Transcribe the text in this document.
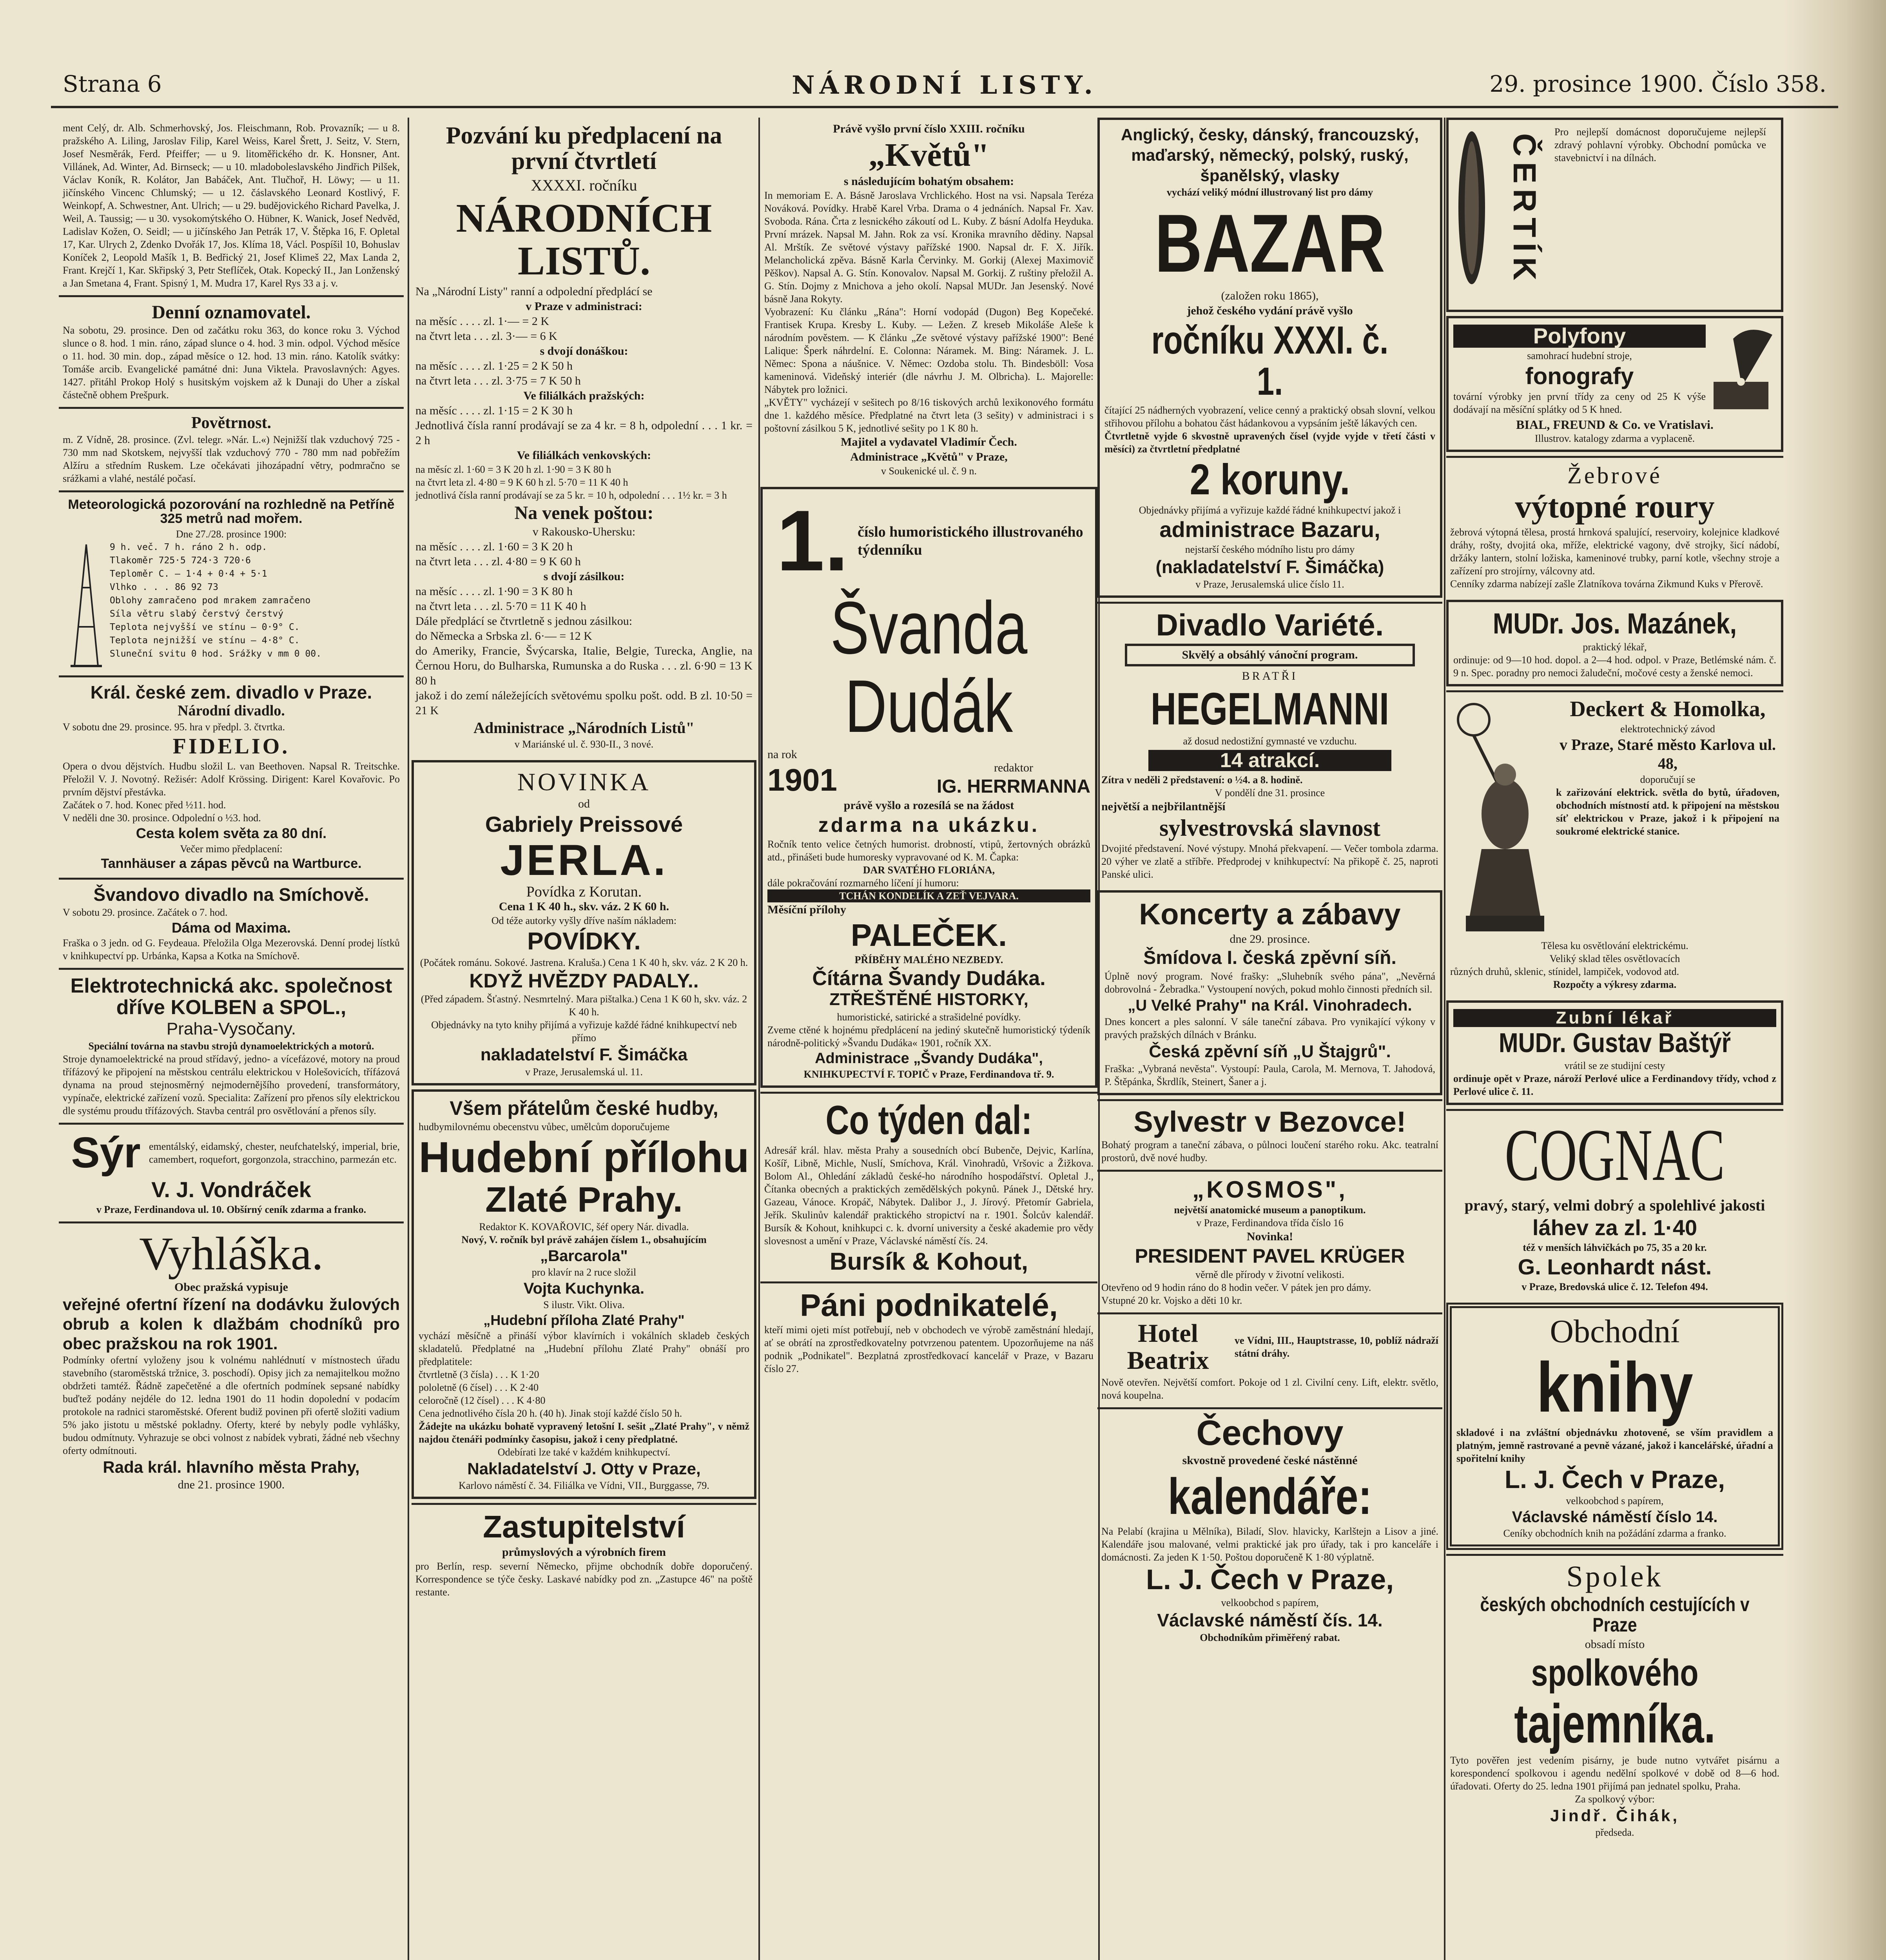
Strana 6	NÁRODNÍ LISTY.	29. prosince 1900. Číslo 358.

ment Celý, dr. Alb. Schmerhovský, Jos. Fleischmann, Rob. Provazník; — u 8. pražského A. Liling, Jaroslav Filip, Karel Weiss, Karel Šrett, J. Seitz, V. Stern, Josef Nesměrák, Ferd. Pfeiffer; — u 9. litoměřického dr. K. Honsner, Ant. Villánek, Ad. Winter, Ad. Birnseck; — u 10. mladoboleslavského Jindřich Pilšek, Václav Koník, R. Kolátor, Jan Babáček, Ant. Tlučhoř, H. Löwy; — u 11. jičínského Vincenc Chlumský; — u 12. čáslavského Leonard Kostlivý, F. Weinkopf, A. Schwestner, Ant. Ulrich; — u 29. budějovického Richard Pavelka, J. Weil, A. Taussig; — u 30. vysokomýtského O. Hübner, K. Wanick, Josef Nedvěd, Ladislav Kožen, O. Seidl; — u jičínského Jan Petrák 17, V. Štěpka 16, F. Opletal 17, Kar. Ulrych 2, Zdenko Dvořák 17, Jos. Klíma 18, Václ. Pospíšil 10, Bohuslav Koníček 2, Leopold Mašík 1, B. Bedřický 21, Josef Klimeš 22, Max Landa 2, Frant. Krejčí 1, Kar. Skřipský 3, Petr Steflíček, Otak. Kopecký II., Jan Lonženský a Jan Smetana 4, Frant. Spisný 1, M. Mudra 17, Karel Rys 33 a j. v.

Denní oznamovatel.

Na sobotu, 29. prosince. Den od začátku roku 363, do konce roku 3. Východ slunce o 8. hod. 1 min. ráno, západ slunce o 4. hod. 3 min. odpol. Východ měsíce o 11. hod. 30 min. dop., západ měsíce o 12. hod. 13 min. ráno. Katolík svátky: Tomáše arcib. Evangelické památné dni: Juna Viktela. Pravoslavných: Agyes. 1427. přitáhl Prokop Holý s husitským vojskem až k Dunaji do Uher a získal částečně obhem Prešpurk.

Povětrnost.

m. Z Vídně, 28. prosince. (Zvl. telegr. »Nár. L.«) Nejnižší tlak vzduchový 725 - 730 mm nad Skotskem, nejvyšší tlak vzduchový 770 - 780 mm nad pobřežím Alžíru a středním Ruskem. Lze očekávati jihozápadní větry, podmračno se srážkami a vlahé, nestálé počasí.

Meteorologická pozorování na rozhledně na Petříně 325 metrů nad mořem.

Dne 27./28. prosince 1900:

9 h. več. 7 h. ráno 2 h. odp.

Tlakoměr 725·5 724·3 720·6

Teploměr C. — 1·4 + 0·4 + 5·1

Vlhko . . . 86 92 73

Oblohy zamračeno pod mrakem zamračeno

Síla větru slabý čerstvý čerstvý

Teplota nejvyšší ve stínu — 0·9° C.

Teplota nejnižší ve stínu — 4·8° C.

Sluneční svitu 0 hod. Srážky v mm 0 00.

Král. české zem. divadlo v Praze.
Národní divadlo.

V sobotu dne 29. prosince. 95. hra v předpl. 3. čtvrtka.

FIDELIO.

Opera o dvou dějstvích. Hudbu složil L. van Beethoven. Napsal R. Treitschke. Přeložil V. J. Novotný. Režisér: Adolf Krössing. Dirigent: Karel Kovařovic. Po prvním dějství přestávka.

Začátek o 7. hod. Konec před ½11. hod.

V neděli dne 30. prosince. Odpolední o ½3. hod.

Cesta kolem světa za 80 dní.

Večer mimo předplacení:

Tannhäuser a zápas pěvců na Wartburce.
Švandovo divadlo na Smíchově.

V sobotu 29. prosince. Začátek o 7. hod.

Dáma od Maxima.

Fraška o 3 jedn. od G. Feydeaua. Přeložila Olga Mezerovská. Denní prodej lístků v knihkupectví pp. Urbánka, Kapsa a Kotka na Smíchově.

Elektrotechnická akc. společnost dříve KOLBEN a SPOL.,
Praha-Vysočany.

Speciální továrna na stavbu strojů dynamoelektrických a motorů.

Stroje dynamoelektrické na proud střídavý, jedno- a vícefázové, motory na proud třífázový ke připojení na městskou centrálu elektrickou v Holešovicích, třífázová dynama na proud stejnosměrný nejmodernějšího provedení, transformátory, vypínače, elektrické zařízení vozů. Specialita: Zařízení pro přenos síly elektrickou dle systému proudu třífázových. Stavba centrál pro osvětlování a přenos síly.

Sýr ementálský, eidamský, chester, neufchatelský, imperial, brie, camembert, roquefort, gorgonzola, stracchino, parmezán etc.

V. J. Vondráček

v Praze, Ferdinandova ul. 10. Obšírný ceník zdarma a franko.

Vyhláška.

Obec pražská vypisuje

veřejné ofertní řízení na dodávku žulových obrub a kolen k dlažbám chodníků pro obec pražskou na rok 1901.

Podmínky ofertní vyloženy jsou k volnému nahlédnutí v místnostech úřadu stavebního (staroměstská tržnice, 3. poschodí). Opisy jich za nemajitelkou možno obdržeti tamtéž. Řádně zapečetěné a dle ofertních podmínek sepsané nabídky buďtež podány nejdéle do 12. ledna 1901 do 11 hodin dopolední v podacím protokole na radnici staroměstské. Oferent budiž povinen při ofertě složiti vadium 5% jako jistotu u městské pokladny. Oferty, které by nebyly podle vyhlášky, budou odmítnuty. Vyhrazuje se obci volnost z nabídek vybrati, žádné neb všechny oferty odmítnouti.

Rada král. hlavního města Prahy,

dne 21. prosince 1900.

Pozvání ku předplacení na první čtvrtletí

XXXXI. ročníku

NÁRODNÍCH LISTŮ.

Na „Národní Listy" ranní a odpolední předplácí se

v Praze v administraci:

na měsíc . . . . zl. 1·— = 2 K

na čtvrt leta . . . zl. 3·— = 6 K

s dvojí donáškou:

na měsíc . . . . zl. 1·25 = 2 K 50 h

na čtvrt leta . . . zl. 3·75 = 7 K 50 h

Ve filiálkách pražských:

na měsíc . . . . zl. 1·15 = 2 K 30 h

Jednotlivá čísla ranní prodávají se za 4 kr. = 8 h, odpolední . . . 1 kr. = 2 h

Ve filiálkách venkovských:

na měsíc zl. 1·60 = 3 K 20 h zl. 1·90 = 3 K 80 h

na čtvrt leta zl. 4·80 = 9 K 60 h zl. 5·70 = 11 K 40 h

jednotlivá čísla ranní prodávají se za 5 kr. = 10 h, odpolední . . . 1½ kr. = 3 h

Na venek poštou:

v Rakousko-Uhersku:

na měsíc . . . . zl. 1·60 = 3 K 20 h

na čtvrt leta . . . zl. 4·80 = 9 K 60 h

s dvojí zásilkou:

na měsíc . . . . zl. 1·90 = 3 K 80 h

na čtvrt leta . . . zl. 5·70 = 11 K 40 h

Dále předplácí se čtvrtletně s jednou zásilkou:

do Německa a Srbska zl. 6·— = 12 K

do Ameriky, Francie, Švýcarska, Italie, Belgie, Turecka, Anglie, na Černou Horu, do Bulharska, Rumunska a do Ruska . . . zl. 6·90 = 13 K 80 h

jakož i do zemí náležejících světovému spolku pošt. odd. B zl. 10·50 = 21 K

Administrace „Národních Listů"

v Mariánské ul. č. 930-II., 3 nové.

NOVINKA

od

Gabriely Preissové
JERLA.

Povídka z Korutan.

Cena 1 K 40 h., skv. váz. 2 K 60 h.

Od téže autorky vyšly dříve naším nákladem:

POVÍDKY.

(Počátek románu. Sokové. Jastrena. Kraluša.) Cena 1 K 40 h, skv. váz. 2 K 20 h.

KDYŽ HVĚZDY PADALY..

(Před západem. Šťastný. Nesmrtelný. Mara pištalka.) Cena 1 K 60 h, skv. váz. 2 K 40 h.

Objednávky na tyto knihy přijímá a vyřizuje každé řádné knihkupectví neb přímo

nakladatelství F. Šimáčka

v Praze, Jerusalemská ul. 11.

Všem přátelům české hudby,

hudbymilovnému obecenstvu vůbec, umělcům doporučujeme

Hudební přílohu
Zlaté Prahy.

Redaktor K. KOVAŘOVIC, šéf opery Nár. divadla.

Nový, V. ročník byl právě zahájen číslem 1., obsahujícím

„Barcarola"

pro klavír na 2 ruce složil

Vojta Kuchynka.

S ilustr. Vikt. Oliva.

„Hudební příloha Zlaté Prahy"

vychází měsíčně a přináší výbor klavírních i vokálních skladeb českých skladatelů. Předplatné na „Hudební přílohu Zlaté Prahy" obnáší pro předplatitele:

čtvrtletně (3 čísla) . . . K 1·20

pololetně (6 čísel) . . . K 2·40

celoročně (12 čísel) . . . K 4·80

Cena jednotlivého čísla 20 h. (40 h). Jinak stojí každé číslo 50 h.

Žádejte na ukázku bohatě vypravený letošní I. sešit „Zlaté Prahy", v němž najdou čtenáři podmínky časopisu, jakož i ceny předplatné.

Odebírati lze také v každém knihkupectví.

Nakladatelství J. Otty v Praze,

Karlovo náměstí č. 34. Filiálka ve Vídni, VII., Burggasse, 79.

Zastupitelství

průmyslových a výrobních firem

pro Berlín, resp. severní Německo, přijme obchodník dobře doporučený. Korrespondence se týče česky. Laskavé nabídky pod zn. „Zastupce 46" na poště restante.

Právě vyšlo první číslo XXIII. ročníku

„Květů"

s následujícím bohatým obsahem:

In memoriam E. A. Básně Jaroslava Vrchlického. Host na vsi. Napsala Teréza Nováková. Povídky. Hrabě Karel Vrba. Drama o 4 jednáních. Napsal Fr. Xav. Svoboda. Rána. Črta z lesnického zákoutí od L. Kuby. Z básní Adolfa Heyduka. První mrázek. Napsal M. Jahn. Rok za vsí. Kronika mravního dědiny. Napsal Al. Mrštík. Ze světové výstavy pařížské 1900. Napsal dr. F. X. Jiřík. Melancholická zpěva. Básně Karla Červinky. M. Gorkij (Alexej Maximovič Pěškov). Napsal A. G. Stín. Konovalov. Napsal M. Gorkij. Z ruštiny přeložil A. G. Stín. Dojmy z Mnichova a jeho okolí. Napsal MUDr. Jan Jesenský. Nové básně Jana Rokyty.

Vyobrazení: Ku článku „Rána": Horní vodopád (Dugon) Beg Kopečeké. Frantisek Krupa. Kresby L. Kuby. — Ležen. Z kreseb Mikoláše Aleše k národním pověstem. — K článku „Ze světové výstavy pařížské 1900": Bené Lalique: Šperk náhrdelní. E. Colonna: Náramek. M. Bing: Náramek. J. L. Němec: Spona a náušnice. V. Němec: Ozdoba stolu. Th. Bindesböll: Vosa kameninová. Videňský interiér (dle návrhu J. M. Olbricha). L. Majorelle: Nábytek pro ložnici.

„KVĚTY" vycházejí v sešitech po 8/16 tiskových archů lexikonového formátu dne 1. každého měsíce. Předplatné na čtvrt leta (3 sešity) v administraci i s poštovní zásilkou 5 K, jednotlivé sešity po 1 K 80 h.

Majitel a vydavatel Vladimír Čech.

Administrace „Květů" v Praze,

v Soukenické ul. č. 9 n.

1. číslo humoristického illustrovaného týdenníku

Švanda Dudák

na rok

1901	redaktor

IG. HERRMANNA

právě vyšlo a rozesílá se na žádost

zdarma na ukázku.

Ročník tento velice četných humorist. drobností, vtipů, žertovných obrázků atd., přinášeti bude humoresky vypravované od K. M. Čapka:

DAR SVATÉHO FLORIÁNA,

dále pokračování rozmarného líčení jí humoru:

TCHÁN KONDELÍK A ZEŤ VEJVARA.

Měsíční přílohy

PALEČEK.

PŘÍBĚHY MALÉHO NEZBEDY.

Čítárna Švandy Dudáka.
ZTŘEŠTĚNÉ HISTORKY,

humoristické, satirické a strašidelné povídky.

Zveme ctěné k hojnému předplácení na jediný skutečně humoristický týdeník národně-politický »Švandu Dudáka« 1901, ročník XX.

Administrace „Švandy Dudáka",

KNIHKUPECTVÍ F. TOPIČ v Praze, Ferdinandova tř. 9.

Co týden dal:

Adresář král. hlav. města Prahy a sousedních obcí Bubenče, Dejvic, Karlína, Košíř, Libně, Michle, Nuslí, Smíchova, Král. Vinohradů, Vršovic a Žižkova. Bolom Al., Ohledání základů české-ho národního hospodářství. Opletal J., Čítanka obecných a praktických zemědělských pokynů. Pánek J., Dětské hry. Gazeau, Vánoce. Kropáč, Nábytek. Dalibor J., J. Jírový. Přetomír Gabriela, Jeřík. Skulinův kalendář praktického stropictví na r. 1901. Šolcův kalendář. Bursík & Kohout, knihkupci c. k. dvorní university a české akademie pro vědy slovesnost a umění v Praze, Václavské náměstí čís. 24.

Bursík & Kohout,
Páni podnikatelé,

kteří mimi ojeti míst potřebují, neb v obchodech ve výrobě zaměstnání hledají, ať se obrátí na zprostředkovatelny potvrzenou patentem. Upozorňujeme na náš podnik „Podnikatel". Bezplatná zprostředkovací kancelář v Praze, v Bazaru číslo 27.

Anglický, česky, dánský, francouzský, maďarský, německý, polský, ruský, španělský, vlasky

vychází veliký módní illustrovaný list pro dámy

BAZAR

(založen roku 1865),

jehož českého vydání právě vyšlo

ročníku XXXI. č. 1.

čítající 25 nádherných vyobrazení, velice cenný a praktický obsah slovní, velkou střihovou přílohu a bohatou část hádankovou a vypsáním ještě lákavých cen.

Čtvrtletně vyjde 6 skvostně upravených čísel (vyjde vyjde v třetí části v měsíci) za čtvrtletní předplatné

2 koruny.

Objednávky přijímá a vyřizuje každé řádné knihkupectví jakož i

administrace Bazaru,

nejstarší českého módního listu pro dámy

(nakladatelství F. Šimáčka)

v Praze, Jerusalemská ulice číslo 11.

Divadlo Variété.

Skvělý a obsáhlý vánoční program.

BRATŘI

HEGELMANNI

až dosud nedostižní gymnasté ve vzduchu.

14 atrakcí.

Zítra v neděli 2 představení: o ½4. a 8. hodině.

V pondělí dne 31. prosince

největší a nejbřilantnější

sylvestrovská slavnost

Dvojité představení. Nové výstupy. Mnohá překvapení. — Večer tombola zdarma. 20 výher ve zlatě a stříbře. Předprodej v knihkupectví: Na přikopě č. 25, naproti Panské ulici.

Koncerty a zábavy

dne 29. prosince.

Šmídova I. česká zpěvní síň.

Úplně nový program. Nové frašky: „Sluhebník svého pána", „Nevěrná dobrovolná - Žebradka." Vystoupení nových, pokud mohlo činnosti předních sil.

„U Velké Prahy" na Král. Vinohradech.

Dnes koncert a ples salonní. V sále taneční zábava. Pro vynikající výkony v pravých pražských dílnách v Bránku.

Česká zpěvní síň „U Štajgrů".

Fraška: „Vybraná nevěsta". Vystoupí: Paula, Carola, M. Mernova, T. Jahodová, P. Štěpánka, Škrdlík, Steinert, Šaner a j.

Sylvestr v Bezovce!

Bohatý program a taneční zábava, o půlnoci loučení starého roku. Akc. teatralní prostorů, dvě nové hudby.

„KOSMOS",

největší anatomické museum a panoptikum.

v Praze, Ferdinandova třída číslo 16

Novinka!

PRESIDENT PAVEL KRÜGER

věrně dle přírody v životní velikosti.

Otevřeno od 9 hodin ráno do 8 hodin večer. V pátek jen pro dámy.

Vstupné 20 kr. Vojsko a děti 10 kr.

Hotel Beatrix

ve Vídni, III., Hauptstrasse, 10, poblíž nádraží státní dráhy.

Nově otevřen. Největší comfort. Pokoje od 1 zl. Civilní ceny. Lift, elektr. světlo, nová koupelna.

Čechovy

skvostně provedené české nástěnné

kalendáře:

Na Pelabí (krajina u Mělníka), Biladí, Slov. hlavicky, Karlštejn a Lisov a jiné. Kalendáře jsou malované, velmi praktické jak pro úřady, tak i pro kanceláře i domácnosti. Za jeden K 1·50. Poštou doporučeně K 1·80 výplatně.

L. J. Čech v Praze,

velkoobchod s papírem,

Václavské náměstí čís. 14.

Obchodníkům přiměřený rabat.

ČERTÍK

Pro nejlepší domácnost doporučujeme nejlepší zdravý pohlavní výrobky. Obchodní pomůcka ve stavebnictví i na dílnách.

Polyfony

samohrací hudební stroje,

fonografy

tovární výrobky jen první třídy za ceny od 25 K výše dodávají na měsíční splátky od 5 K hned.

BIAL, FREUND & Co. ve Vratislavi.

Illustrov. katalogy zdarma a vyplaceně.

Žebrové
výtopné roury

žebrová výtopná tělesa, prostá hrnková spalující, reservoiry, kolejnice kladkové dráhy, rošty, dvojitá oka, mříže, elektrické vagony, dvě strojky, šicí nádobí, držáky lantern, stolní ložiska, kameninové trubky, parní kotle, všechny stroje a zařízení pro strojírny, válcovny atd.

Cenníky zdarma nabízejí zašle Zlatníkova továrna Zikmund Kuks v Přerově.

MUDr. Jos. Mazánek,

praktický lékař,

ordinuje: od 9—10 hod. dopol. a 2—4 hod. odpol. v Praze, Betlémské nám. č. 9 n. Spec. poradny pro nemoci žaludeční, močové cesty a ženské nemoci.

Deckert & Homolka,

elektrotechnický závod

v Praze, Staré město Karlova ul. 48,

doporučují se

k zařizování elektrick. světla do bytů, úřadoven, obchodních místností atd. k připojení na městskou síť elektrickou v Praze, jakož i k připojení na soukromé elektrické stanice.

Tělesa ku osvětlování elektrickému.

Veliký sklad těles osvětlovacích

různých druhů, sklenic, stínidel, lampiček, vodovod atd.

Rozpočty a výkresy zdarma.

Zubní lékař
MUDr. Gustav Baštýř

vrátil se ze studijní cesty

ordinuje opět v Praze, nároží Perlové ulice a Ferdinandovy třídy, vchod z Perlové ulice č. 11.

COGNAC

pravý, starý, velmi dobrý a spolehlivé jakosti

láhev za zl. 1·40

též v menších láhvičkách po 75, 35 a 20 kr.

G. Leonhardt nást.

v Praze, Bredovská ulice č. 12. Telefon 494.

Obchodní
knihy

skladové i na zvláštní objednávku zhotovené, se vším pravidlem a platným, jemně rastrované a pevně vázané, jakož i kancelářské, úřadní a spořitelní knihy

L. J. Čech v Praze,

velkoobchod s papírem,

Václavské náměstí číslo 14.

Ceníky obchodních knih na požádání zdarma a franko.

Spolek
českých obchodních cestujících v Praze

obsadí místo

spolkového
tajemníka.

Tyto pověřen jest vedením pisárny, je bude nutno vytvářet pisárnu a korespondencí spolkovou i agendu nedělní spolkové v době od 8—6 hod. úřadovati. Oferty do 25. ledna 1901 přijímá pan jednatel spolku, Praha.

Za spolkový výbor:

Jindř. Čihák,

předseda.
